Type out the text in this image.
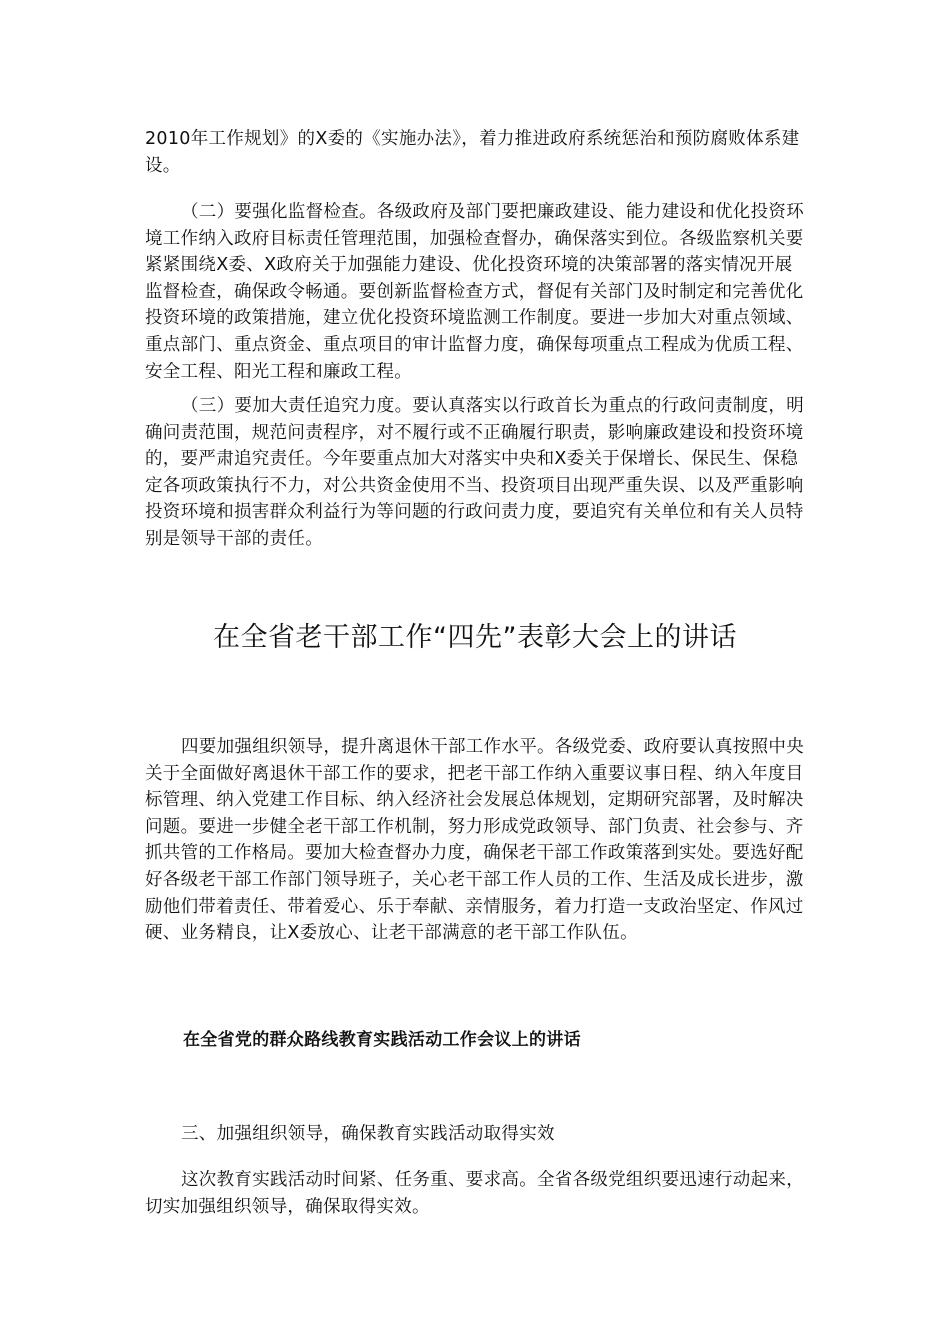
2010年工作规划》的X委的《实施办法》，着力推进政府系统惩治和预防腐败体系建设。

（二）要强化监督检查。各级政府及部门要把廉政建设、能力建设和优化投资环境工作纳入政府目标责任管理范围，加强检查督办，确保落实到位。各级监察机关要紧紧围绕X委、X政府关于加强能力建设、优化投资环境的决策部署的落实情况开展监督检查，确保政令畅通。要创新监督检查方式，督促有关部门及时制定和完善优化投资环境的政策措施，建立优化投资环境监测工作制度。要进一步加大对重点领域、重点部门、重点资金、重点项目的审计监督力度，确保每项重点工程成为优质工程、安全工程、阳光工程和廉政工程。

（三）要加大责任追究力度。要认真落实以行政首长为重点的行政问责制度，明确问责范围，规范问责程序，对不履行或不正确履行职责，影响廉政建设和投资环境的，要严肃追究责任。今年要重点加大对落实中央和X委关于保增长、保民生、保稳定各项政策执行不力，对公共资金使用不当、投资项目出现严重失误、以及严重影响投资环境和损害群众利益行为等问题的行政问责力度，要追究有关单位和有关人员特别是领导干部的责任。

在全省老干部工作“四先”表彰大会上的讲话

四要加强组织领导，提升离退休干部工作水平。各级党委、政府要认真按照中央关于全面做好离退休干部工作的要求，把老干部工作纳入重要议事日程、纳入年度目标管理、纳入党建工作目标、纳入经济社会发展总体规划，定期研究部署，及时解决问题。要进一步健全老干部工作机制，努力形成党政领导、部门负责、社会参与、齐抓共管的工作格局。要加大检查督办力度，确保老干部工作政策落到实处。要选好配好各级老干部工作部门领导班子，关心老干部工作人员的工作、生活及成长进步，激励他们带着责任、带着爱心、乐于奉献、亲情服务，着力打造一支政治坚定、作风过硬、业务精良，让X委放心、让老干部满意的老干部工作队伍。

在全省党的群众路线教育实践活动工作会议上的讲话

三、加强组织领导，确保教育实践活动取得实效

这次教育实践活动时间紧、任务重、要求高。全省各级党组织要迅速行动起来，切实加强组织领导，确保取得实效。
